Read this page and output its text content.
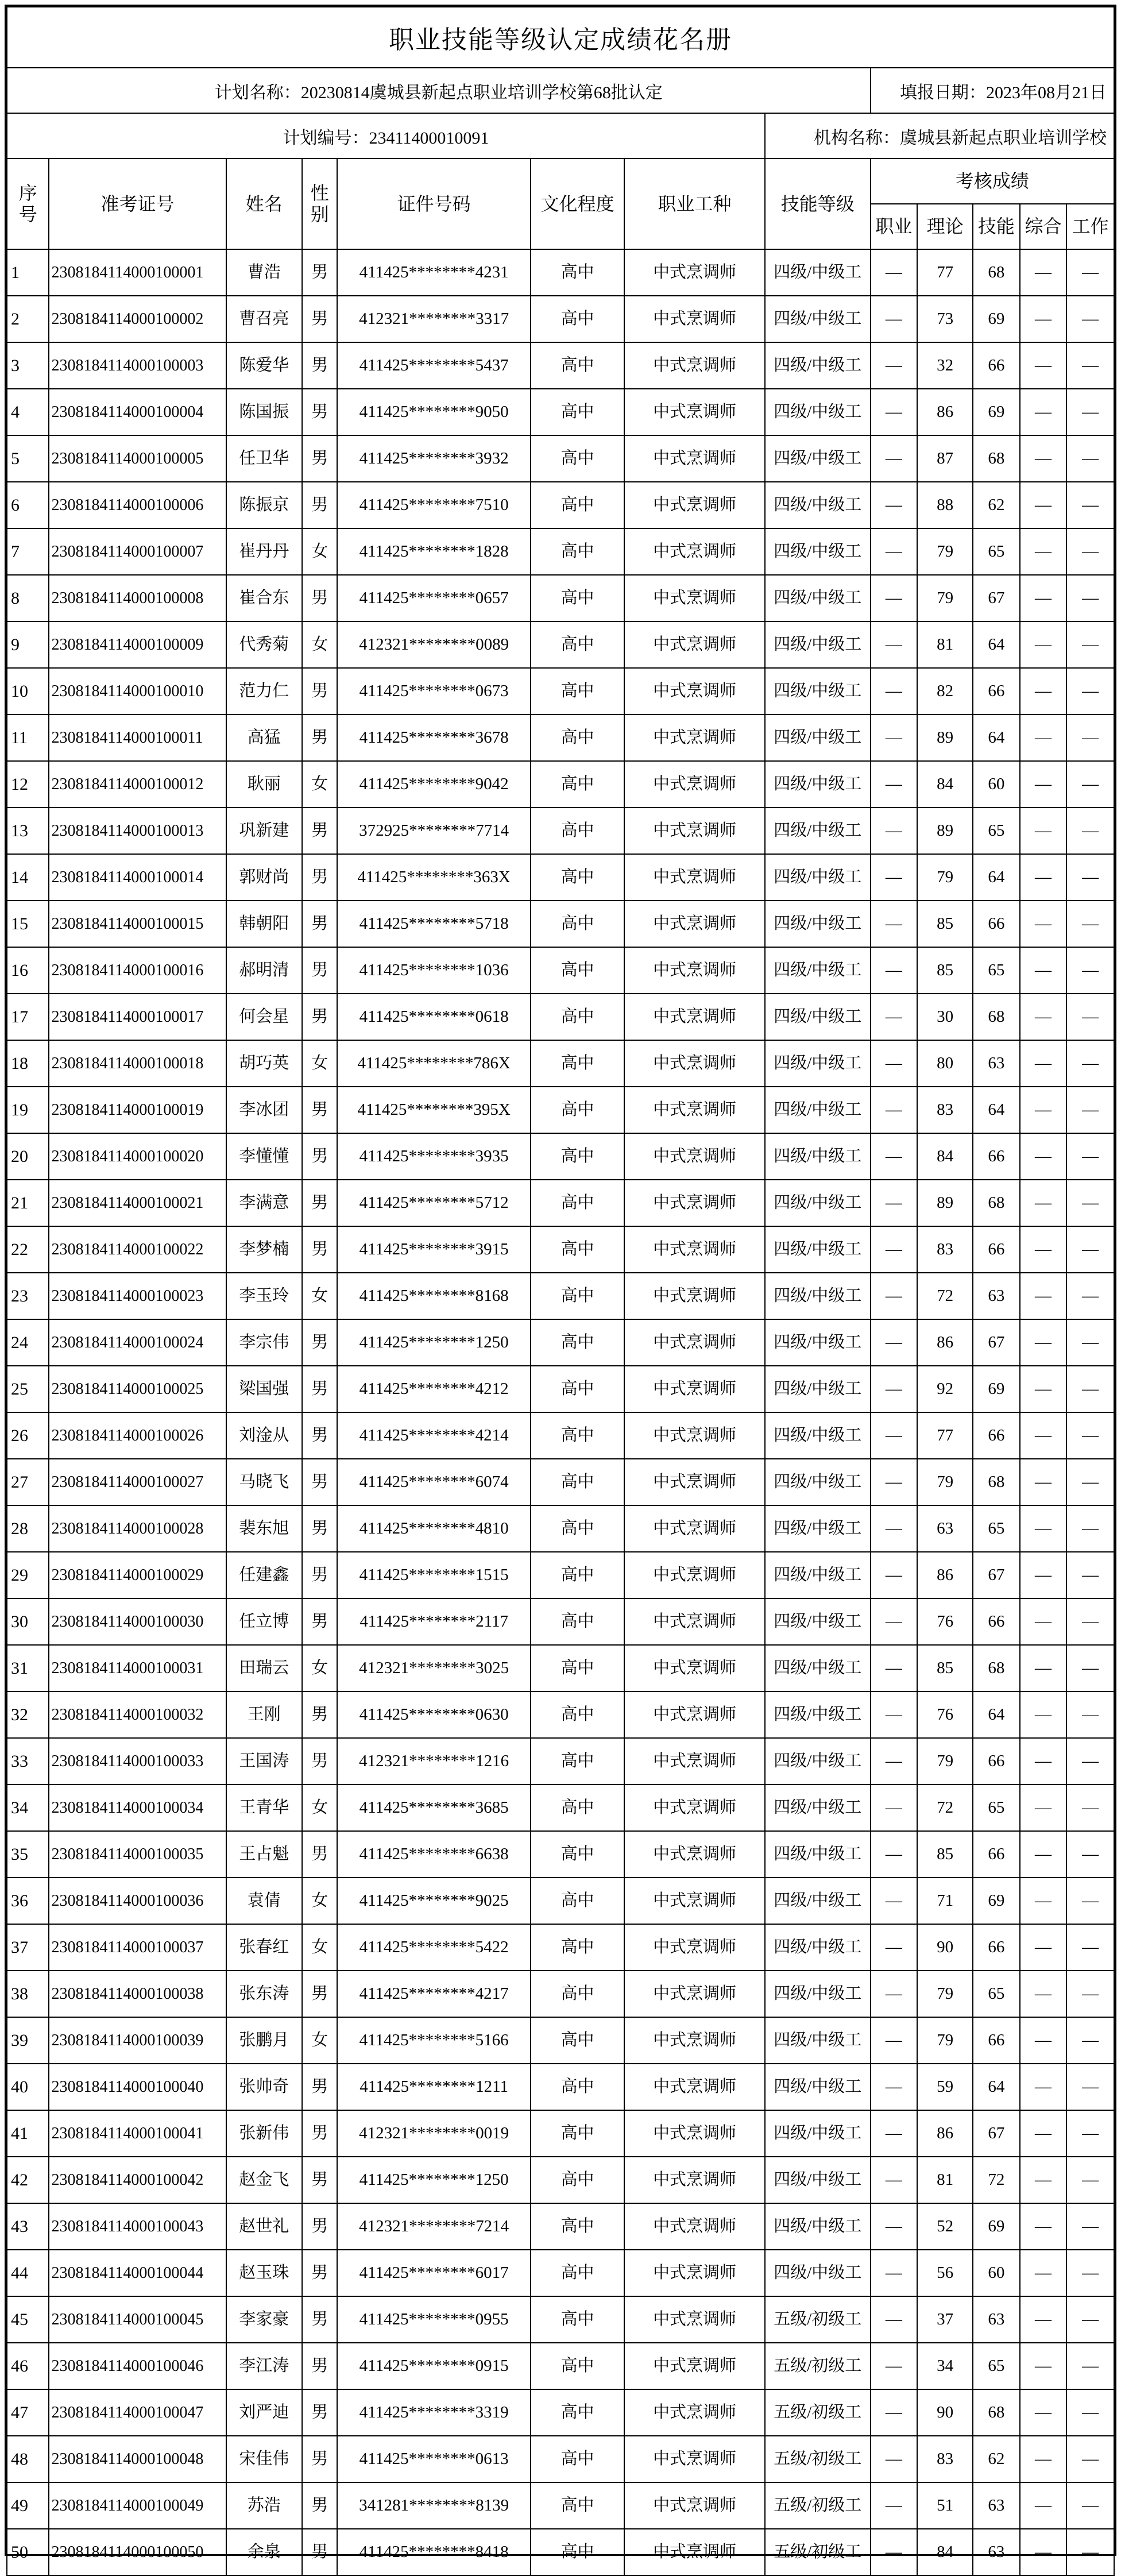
职业技能等级认定成绩花名册												
计划名称：20230814虞城县新起点职业培训学校第68批认定								填报日期：2023年08月21日				
计划编号：23411400010091							机构名称：虞城县新起点职业培训学校					
序号	准考证号	姓名	性别	证件号码	文化程度	职业工种	技能等级	考核成绩				
								职业	理论	技能	综合	工作
1	2308184114000100001	曹浩	男	411425********4231	高中	中式烹调师	四级/中级工	—	77	68	—	—
2	2308184114000100002	曹召亮	男	412321********3317	高中	中式烹调师	四级/中级工	—	73	69	—	—
3	2308184114000100003	陈爱华	男	411425********5437	高中	中式烹调师	四级/中级工	—	32	66	—	—
4	2308184114000100004	陈国振	男	411425********9050	高中	中式烹调师	四级/中级工	—	86	69	—	—
5	2308184114000100005	任卫华	男	411425********3932	高中	中式烹调师	四级/中级工	—	87	68	—	—
6	2308184114000100006	陈振京	男	411425********7510	高中	中式烹调师	四级/中级工	—	88	62	—	—
7	2308184114000100007	崔丹丹	女	411425********1828	高中	中式烹调师	四级/中级工	—	79	65	—	—
8	2308184114000100008	崔合东	男	411425********0657	高中	中式烹调师	四级/中级工	—	79	67	—	—
9	2308184114000100009	代秀菊	女	412321********0089	高中	中式烹调师	四级/中级工	—	81	64	—	—
10	2308184114000100010	范力仁	男	411425********0673	高中	中式烹调师	四级/中级工	—	82	66	—	—
11	2308184114000100011	高猛	男	411425********3678	高中	中式烹调师	四级/中级工	—	89	64	—	—
12	2308184114000100012	耿丽	女	411425********9042	高中	中式烹调师	四级/中级工	—	84	60	—	—
13	2308184114000100013	巩新建	男	372925********7714	高中	中式烹调师	四级/中级工	—	89	65	—	—
14	2308184114000100014	郭财尚	男	411425********363X	高中	中式烹调师	四级/中级工	—	79	64	—	—
15	2308184114000100015	韩朝阳	男	411425********5718	高中	中式烹调师	四级/中级工	—	85	66	—	—
16	2308184114000100016	郝明清	男	411425********1036	高中	中式烹调师	四级/中级工	—	85	65	—	—
17	2308184114000100017	何会星	男	411425********0618	高中	中式烹调师	四级/中级工	—	30	68	—	—
18	2308184114000100018	胡巧英	女	411425********786X	高中	中式烹调师	四级/中级工	—	80	63	—	—
19	2308184114000100019	李冰团	男	411425********395X	高中	中式烹调师	四级/中级工	—	83	64	—	—
20	2308184114000100020	李懂懂	男	411425********3935	高中	中式烹调师	四级/中级工	—	84	66	—	—
21	2308184114000100021	李满意	男	411425********5712	高中	中式烹调师	四级/中级工	—	89	68	—	—
22	2308184114000100022	李梦楠	男	411425********3915	高中	中式烹调师	四级/中级工	—	83	66	—	—
23	2308184114000100023	李玉玲	女	411425********8168	高中	中式烹调师	四级/中级工	—	72	63	—	—
24	2308184114000100024	李宗伟	男	411425********1250	高中	中式烹调师	四级/中级工	—	86	67	—	—
25	2308184114000100025	梁国强	男	411425********4212	高中	中式烹调师	四级/中级工	—	92	69	—	—
26	2308184114000100026	刘淦从	男	411425********4214	高中	中式烹调师	四级/中级工	—	77	66	—	—
27	2308184114000100027	马晓飞	男	411425********6074	高中	中式烹调师	四级/中级工	—	79	68	—	—
28	2308184114000100028	裴东旭	男	411425********4810	高中	中式烹调师	四级/中级工	—	63	65	—	—
29	2308184114000100029	任建鑫	男	411425********1515	高中	中式烹调师	四级/中级工	—	86	67	—	—
30	2308184114000100030	任立博	男	411425********2117	高中	中式烹调师	四级/中级工	—	76	66	—	—
31	2308184114000100031	田瑞云	女	412321********3025	高中	中式烹调师	四级/中级工	—	85	68	—	—
32	2308184114000100032	王刚	男	411425********0630	高中	中式烹调师	四级/中级工	—	76	64	—	—
33	2308184114000100033	王国涛	男	412321********1216	高中	中式烹调师	四级/中级工	—	79	66	—	—
34	2308184114000100034	王青华	女	411425********3685	高中	中式烹调师	四级/中级工	—	72	65	—	—
35	2308184114000100035	王占魁	男	411425********6638	高中	中式烹调师	四级/中级工	—	85	66	—	—
36	2308184114000100036	袁倩	女	411425********9025	高中	中式烹调师	四级/中级工	—	71	69	—	—
37	2308184114000100037	张春红	女	411425********5422	高中	中式烹调师	四级/中级工	—	90	66	—	—
38	2308184114000100038	张东涛	男	411425********4217	高中	中式烹调师	四级/中级工	—	79	65	—	—
39	2308184114000100039	张鹏月	女	411425********5166	高中	中式烹调师	四级/中级工	—	79	66	—	—
40	2308184114000100040	张帅奇	男	411425********1211	高中	中式烹调师	四级/中级工	—	59	64	—	—
41	2308184114000100041	张新伟	男	412321********0019	高中	中式烹调师	四级/中级工	—	86	67	—	—
42	2308184114000100042	赵金飞	男	411425********1250	高中	中式烹调师	四级/中级工	—	81	72	—	—
43	2308184114000100043	赵世礼	男	412321********7214	高中	中式烹调师	四级/中级工	—	52	69	—	—
44	2308184114000100044	赵玉珠	男	411425********6017	高中	中式烹调师	四级/中级工	—	56	60	—	—
45	2308184114000100045	李家豪	男	411425********0955	高中	中式烹调师	五级/初级工	—	37	63	—	—
46	2308184114000100046	李江涛	男	411425********0915	高中	中式烹调师	五级/初级工	—	34	65	—	—
47	2308184114000100047	刘严迪	男	411425********3319	高中	中式烹调师	五级/初级工	—	90	68	—	—
48	2308184114000100048	宋佳伟	男	411425********0613	高中	中式烹调师	五级/初级工	—	83	62	—	—
49	2308184114000100049	苏浩	男	341281********8139	高中	中式烹调师	五级/初级工	—	51	63	—	—
50	2308184114000100050	余泉	男	411425********8418	高中	中式烹调师	五级/初级工	—	84	63	—	—
